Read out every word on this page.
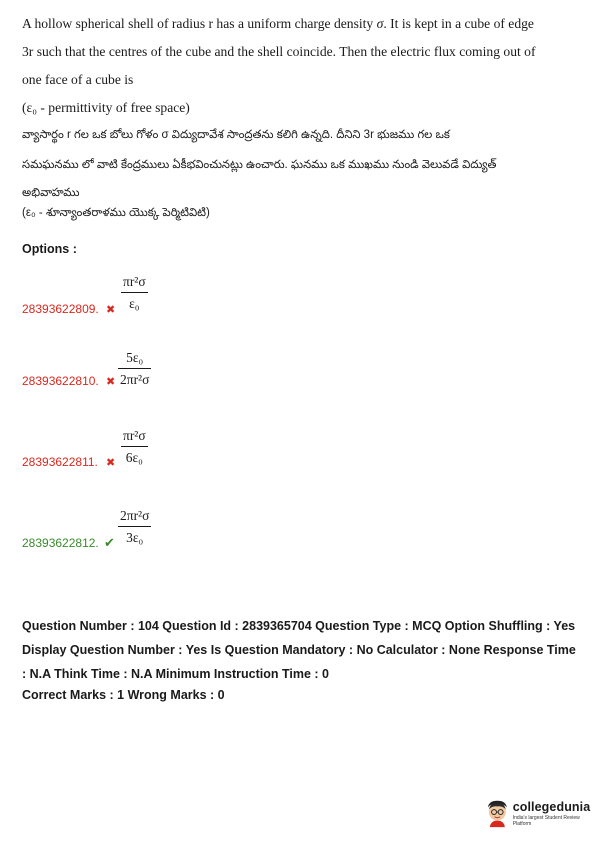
A hollow spherical shell of radius r has a uniform charge density σ. It is kept in a cube of edge
3r such that the centres of the cube and the shell coincide. Then the electric flux coming out of
one face of a cube is
(ε₀ - permittivity of free space)
వ్యాసార్థం r గల ఒక బోలు గోళం σ విద్యుదావేశ సాంద్రతను కలిగి ఉన్నది. దీనిని 3r భుజము గల ఒక
సమఘనము లో వాటి కేంద్రములు ఏకీభవించునట్లు ఉంచారు. ఘనము ఒక ముఖము నుండి వెలువడే విద్యుత్
అభివాహము
(ε₀ - శూన్యాంతరాళము యొక్క పెర్మిటివిటి)
Options :
πr²σ
ε₀
28393622809. ✖
5ε₀
2πr²σ
28393622810. ✖
πr²σ
6ε₀
28393622811. ✖
2πr²σ
3ε₀
28393622812. ✔

Question Number : 104 Question Id : 2839365704 Question Type : MCQ Option Shuffling : Yes

Display Question Number : Yes Is Question Mandatory : No Calculator : None Response Time

: N.A Think Time : N.A Minimum Instruction Time : 0

Correct Marks : 1 Wrong Marks : 0
collegedunia
India's largest Student Review Platform
